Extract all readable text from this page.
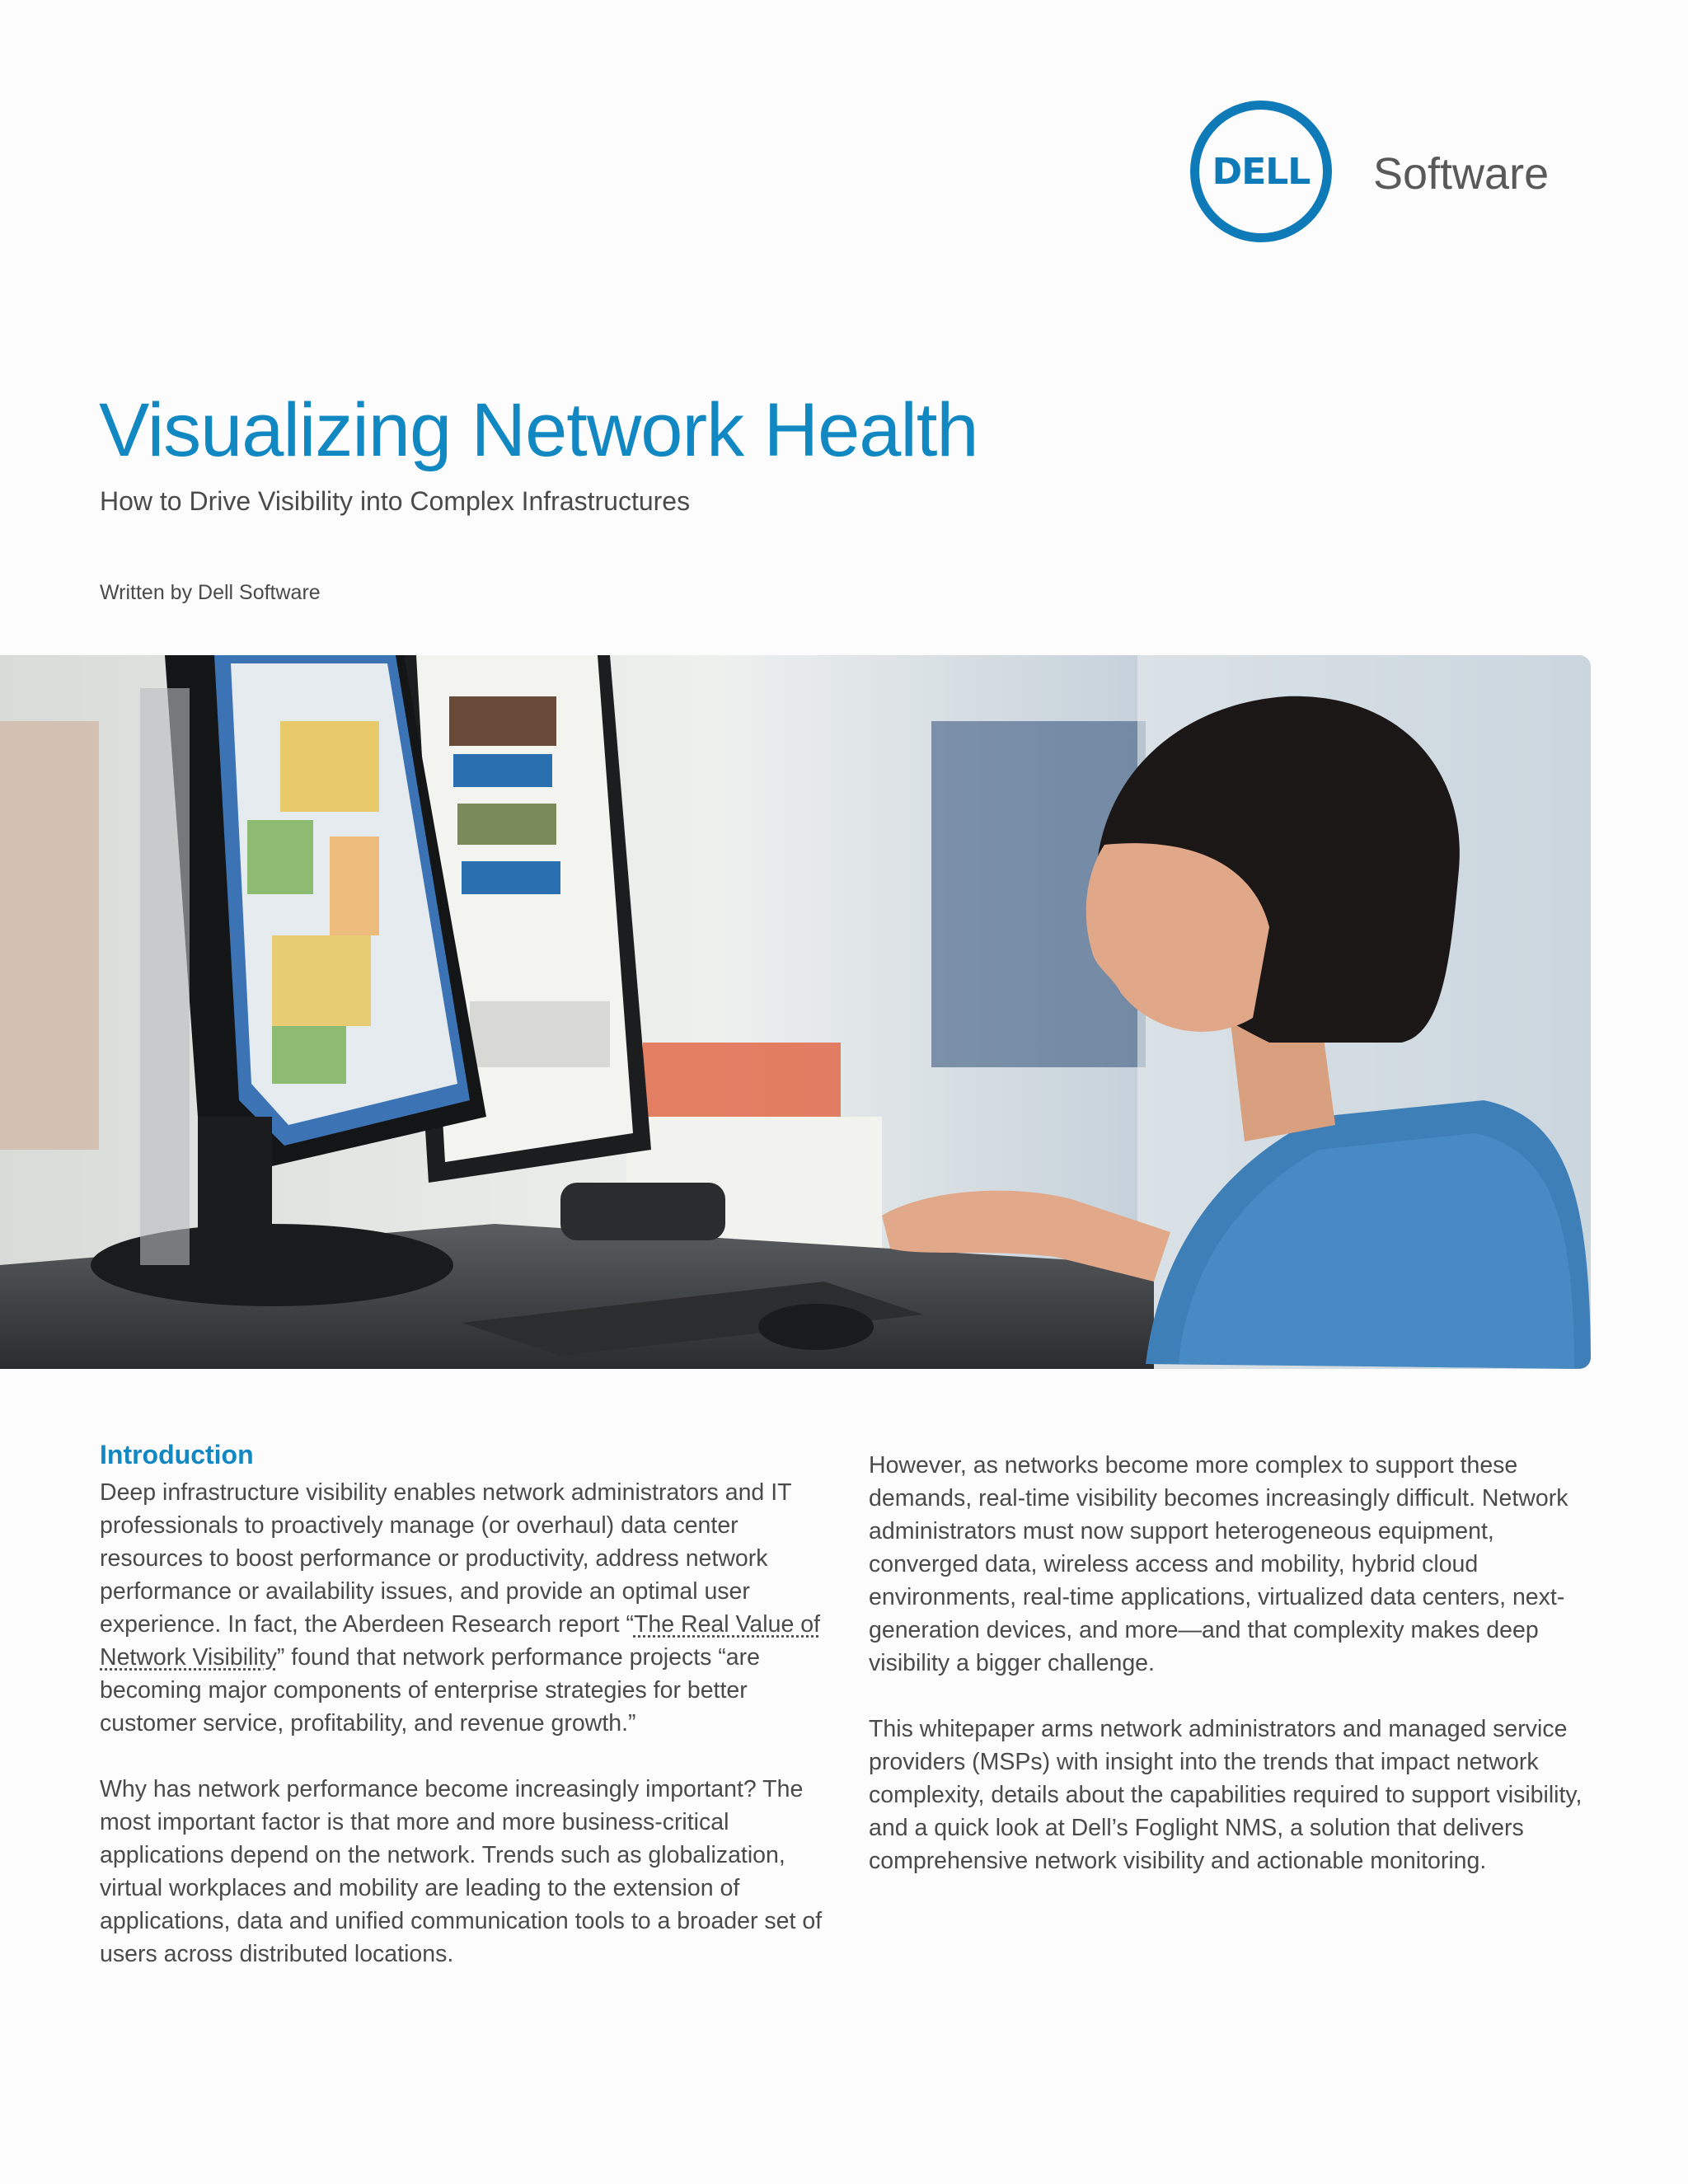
DELL Software
Visualizing Network Health
How to Drive Visibility into Complex Infrastructures
Written by Dell Software
Introduction

Deep infrastructure visibility enables network administrators and IT professionals to proactively manage (or overhaul) data center resources to boost performance or productivity, address network performance or availability issues, and provide an optimal user experience. In fact, the Aberdeen Research report “The Real Value of Network Visibility” found that network performance projects “are becoming major components of enterprise strategies for better customer service, profitability, and revenue growth.”

Why has network performance become increasingly important? The most important factor is that more and more business-critical applications depend on the network. Trends such as globalization, virtual workplaces and mobility are leading to the extension of applications, data and unified communication tools to a broader set of users across distributed locations.

However, as networks become more complex to support these demands, real-time visibility becomes increasingly difficult. Network administrators must now support heterogeneous equipment, converged data, wireless access and mobility, hybrid cloud environments, real-time applications, virtualized data centers, next-generation devices, and more—and that complexity makes deep visibility a bigger challenge.

This whitepaper arms network administrators and managed service providers (MSPs) with insight into the trends that impact network complexity, details about the capabilities required to support visibility, and a quick look at Dell’s Foglight NMS, a solution that delivers comprehensive network visibility and actionable monitoring.
